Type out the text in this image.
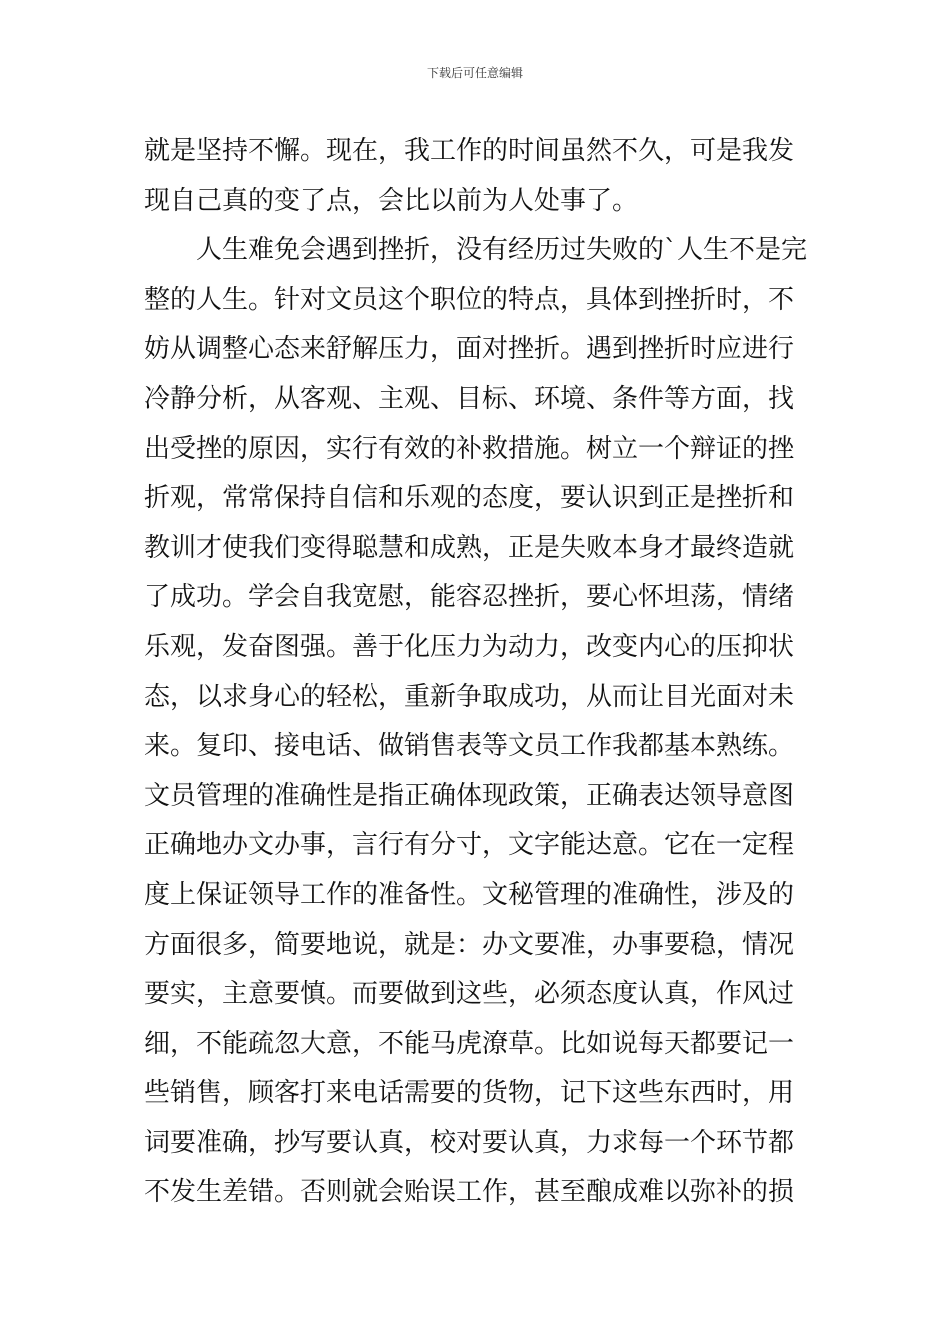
下载后可任意编辑
就是坚持不懈。现在，我工作的时间虽然不久，可是我发
现自己真的变了点，会比以前为人处事了。
　　人生难免会遇到挫折，没有经历过失败的`人生不是完
整的人生。针对文员这个职位的特点，具体到挫折时，不
妨从调整心态来舒解压力，面对挫折。遇到挫折时应进行
冷静分析，从客观、主观、目标、环境、条件等方面，找
出受挫的原因，实行有效的补救措施。树立一个辩证的挫
折观，常常保持自信和乐观的态度，要认识到正是挫折和
教训才使我们变得聪慧和成熟，正是失败本身才最终造就
了成功。学会自我宽慰，能容忍挫折，要心怀坦荡，情绪
乐观，发奋图强。善于化压力为动力，改变内心的压抑状
态，以求身心的轻松，重新争取成功，从而让目光面对未
来。复印、接电话、做销售表等文员工作我都基本熟练。
文员管理的准确性是指正确体现政策，正确表达领导意图
正确地办文办事，言行有分寸，文字能达意。它在一定程
度上保证领导工作的准备性。文秘管理的准确性，涉及的
方面很多，简要地说，就是：办文要准，办事要稳，情况
要实，主意要慎。而要做到这些，必须态度认真，作风过
细，不能疏忽大意，不能马虎潦草。比如说每天都要记一
些销售，顾客打来电话需要的货物，记下这些东西时，用
词要准确，抄写要认真，校对要认真，力求每一个环节都
不发生差错。否则就会贻误工作，甚至酿成难以弥补的损
